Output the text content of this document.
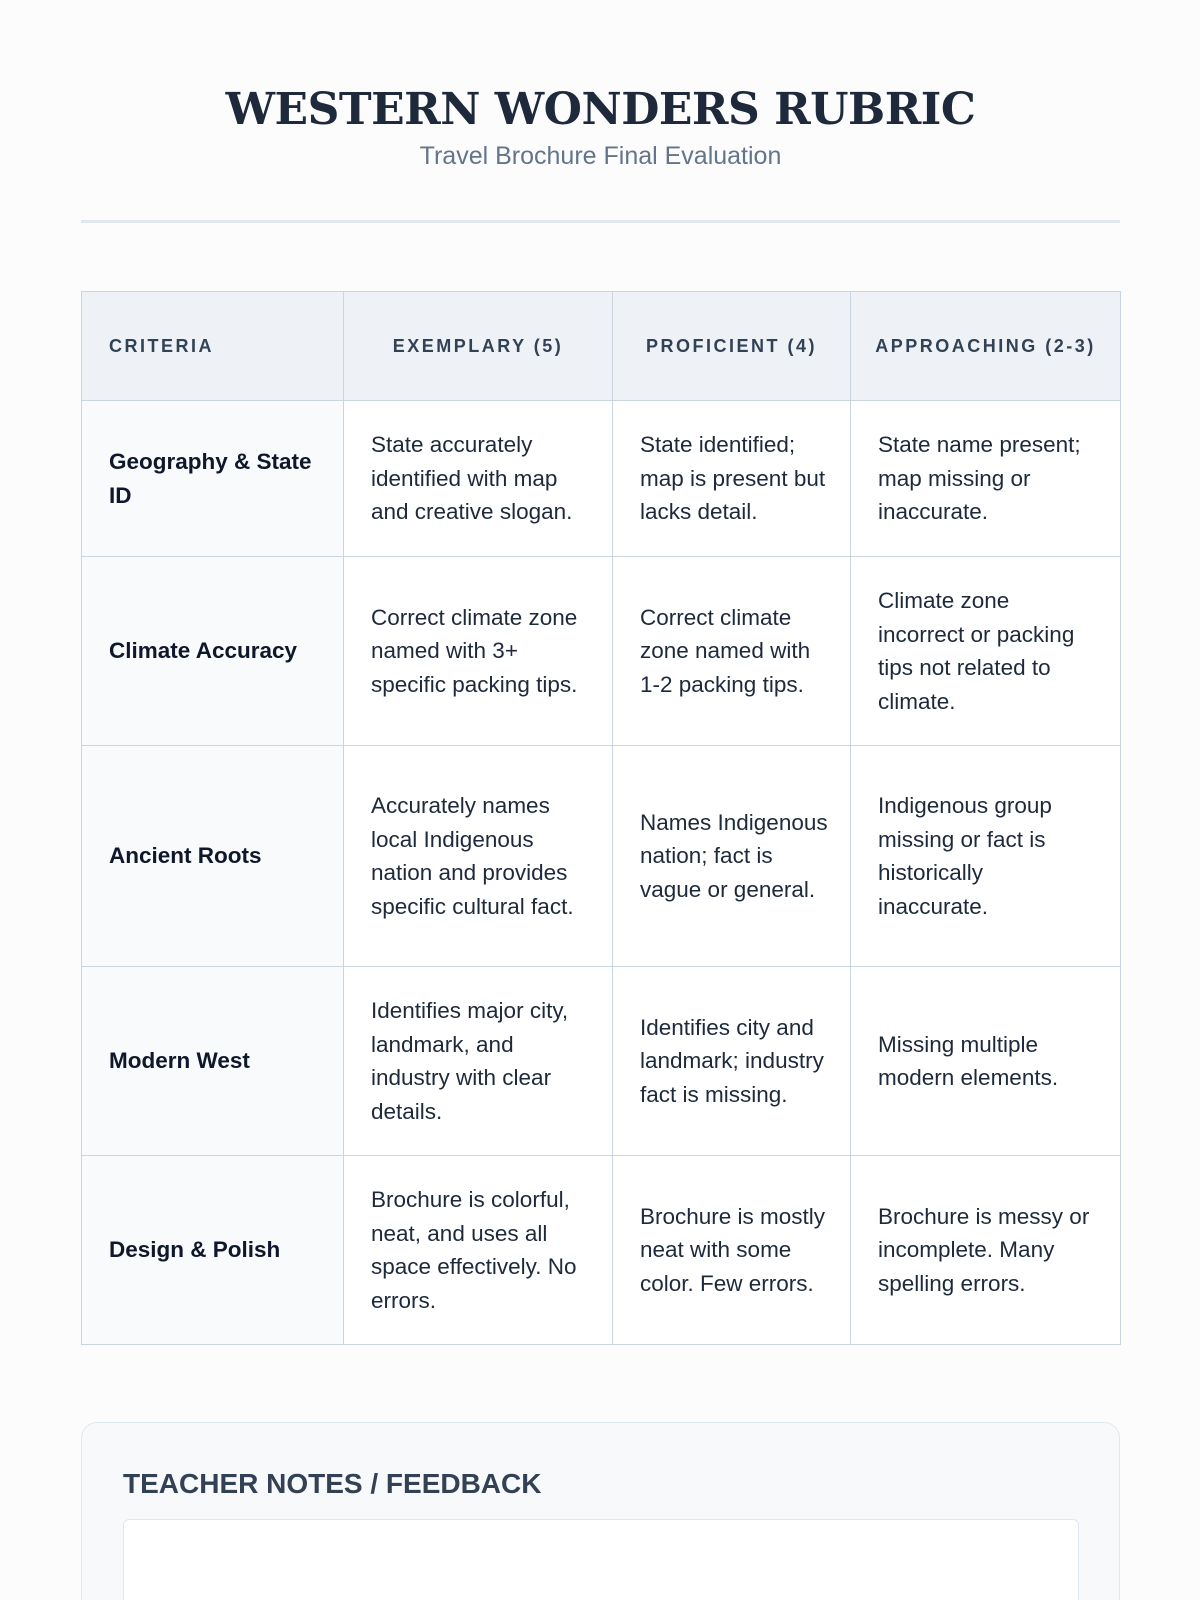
WESTERN WONDERS RUBRIC
Travel Brochure Final Evaluation
CRITERIA	EXEMPLARY (5)	PROFICIENT (4)	APPROACHING (2-3)
Geography & State ID	State accurately identified with map and creative slogan.	State identified; map is present but lacks detail.	State name present; map missing or inaccurate.
Climate Accuracy	Correct climate zone named with 3+ specific packing tips.	Correct climate zone named with 1-2 packing tips.	Climate zone incorrect or packing tips not related to climate.
Ancient Roots	Accurately names local Indigenous nation and provides specific cultural fact.	Names Indigenous nation; fact is vague or general.	Indigenous group missing or fact is historically inaccurate.
Modern West	Identifies major city, landmark, and industry with clear details.	Identifies city and landmark; industry fact is missing.	Missing multiple modern elements.
Design & Polish	Brochure is colorful, neat, and uses all space effectively. No errors.	Brochure is mostly neat with some color. Few errors.	Brochure is messy or incomplete. Many spelling errors.
TEACHER NOTES / FEEDBACK
